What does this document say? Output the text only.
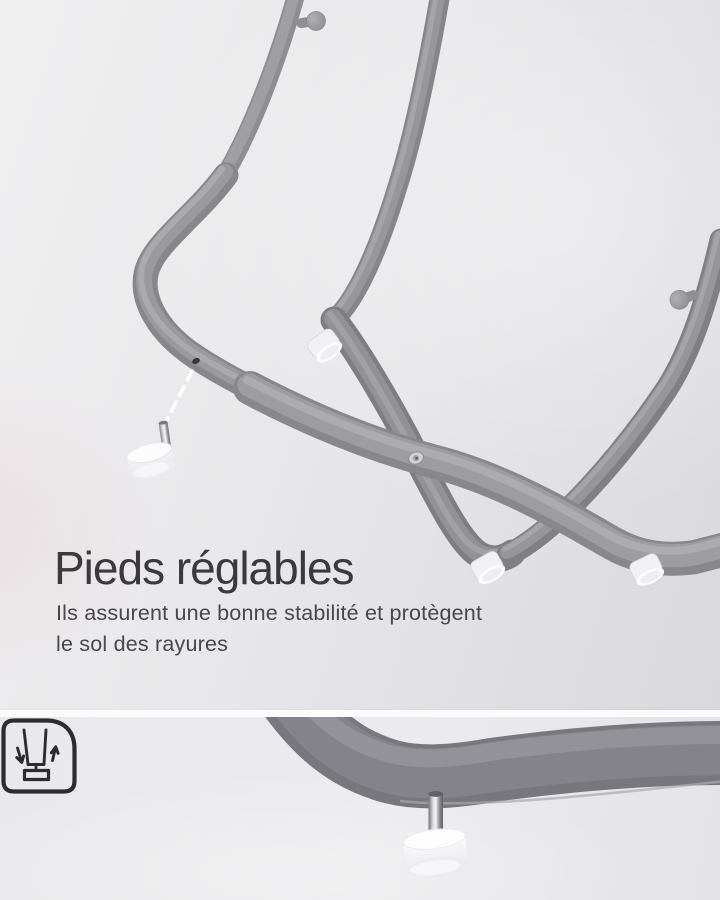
Pieds réglables
Ils assurent une bonne stabilité et protègent
le sol des rayures
